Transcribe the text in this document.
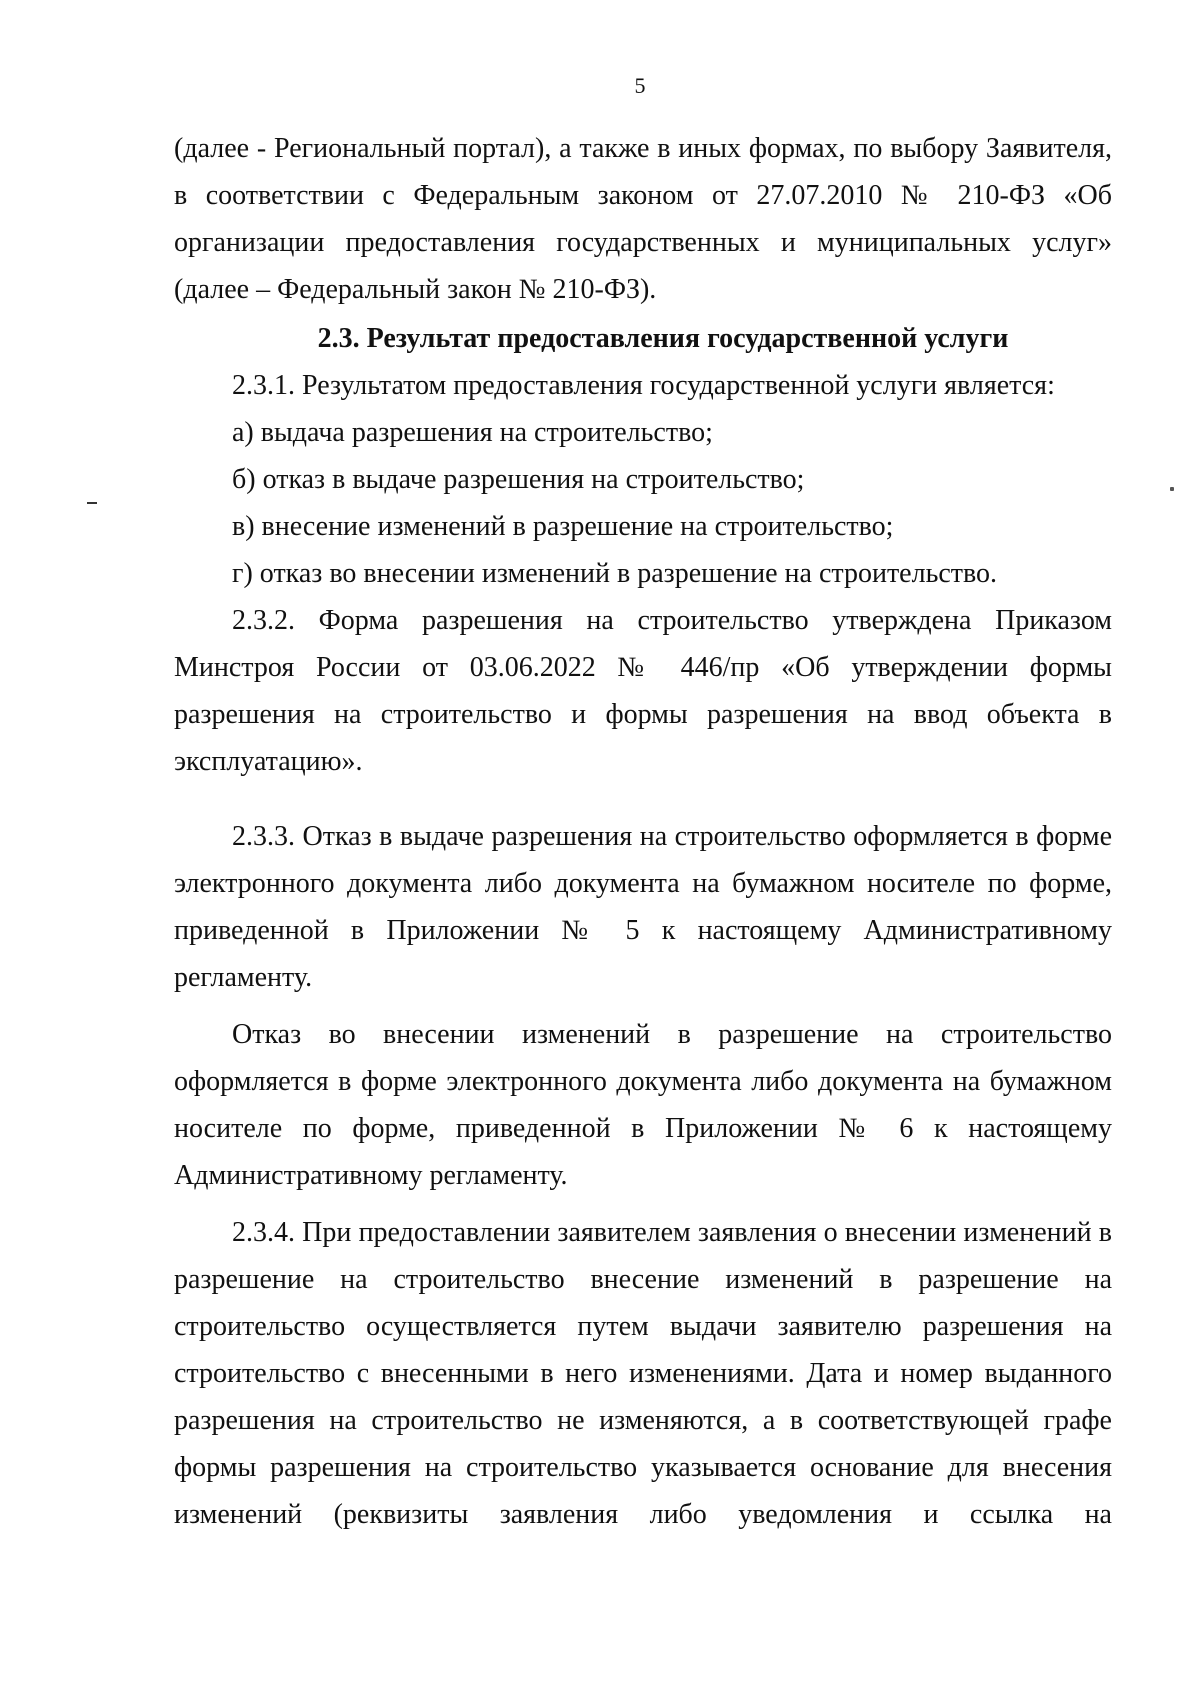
5

(далее - Региональный портал), а также в иных формах, по выбору Заявителя, в соответствии с Федеральным законом от 27.07.2010 № 210-ФЗ «Об организации предоставления государственных и муниципальных услуг» (далее – Федеральный закон № 210-ФЗ).

2.3. Результат предоставления государственной услуги

2.3.1. Результатом предоставления государственной услуги является:

а) выдача разрешения на строительство;

б) отказ в выдаче разрешения на строительство;

в) внесение изменений в разрешение на строительство;

г) отказ во внесении изменений в разрешение на строительство.

2.3.2. Форма разрешения на строительство утверждена Приказом Минстроя России от 03.06.2022 № 446/пр «Об утверждении формы разрешения на строительство и формы разрешения на ввод объекта в эксплуатацию».

2.3.3. Отказ в выдаче разрешения на строительство оформляется в форме электронного документа либо документа на бумажном носителе по форме, приведенной в Приложении № 5 к настоящему Административному регламенту.

Отказ во внесении изменений в разрешение на строительство оформляется в форме электронного документа либо документа на бумажном носителе по форме, приведенной в Приложении № 6 к настоящему Административному регламенту.

2.3.4. При предоставлении заявителем заявления о внесении изменений в разрешение на строительство внесение изменений в разрешение на строительство осуществляется путем выдачи заявителю разрешения на строительство с внесенными в него изменениями. Дата и номер выданного разрешения на строительство не изменяются, а в соответствующей графе формы разрешения на строительство указывается основание для внесения изменений (реквизиты заявления либо уведомления и ссылка на
